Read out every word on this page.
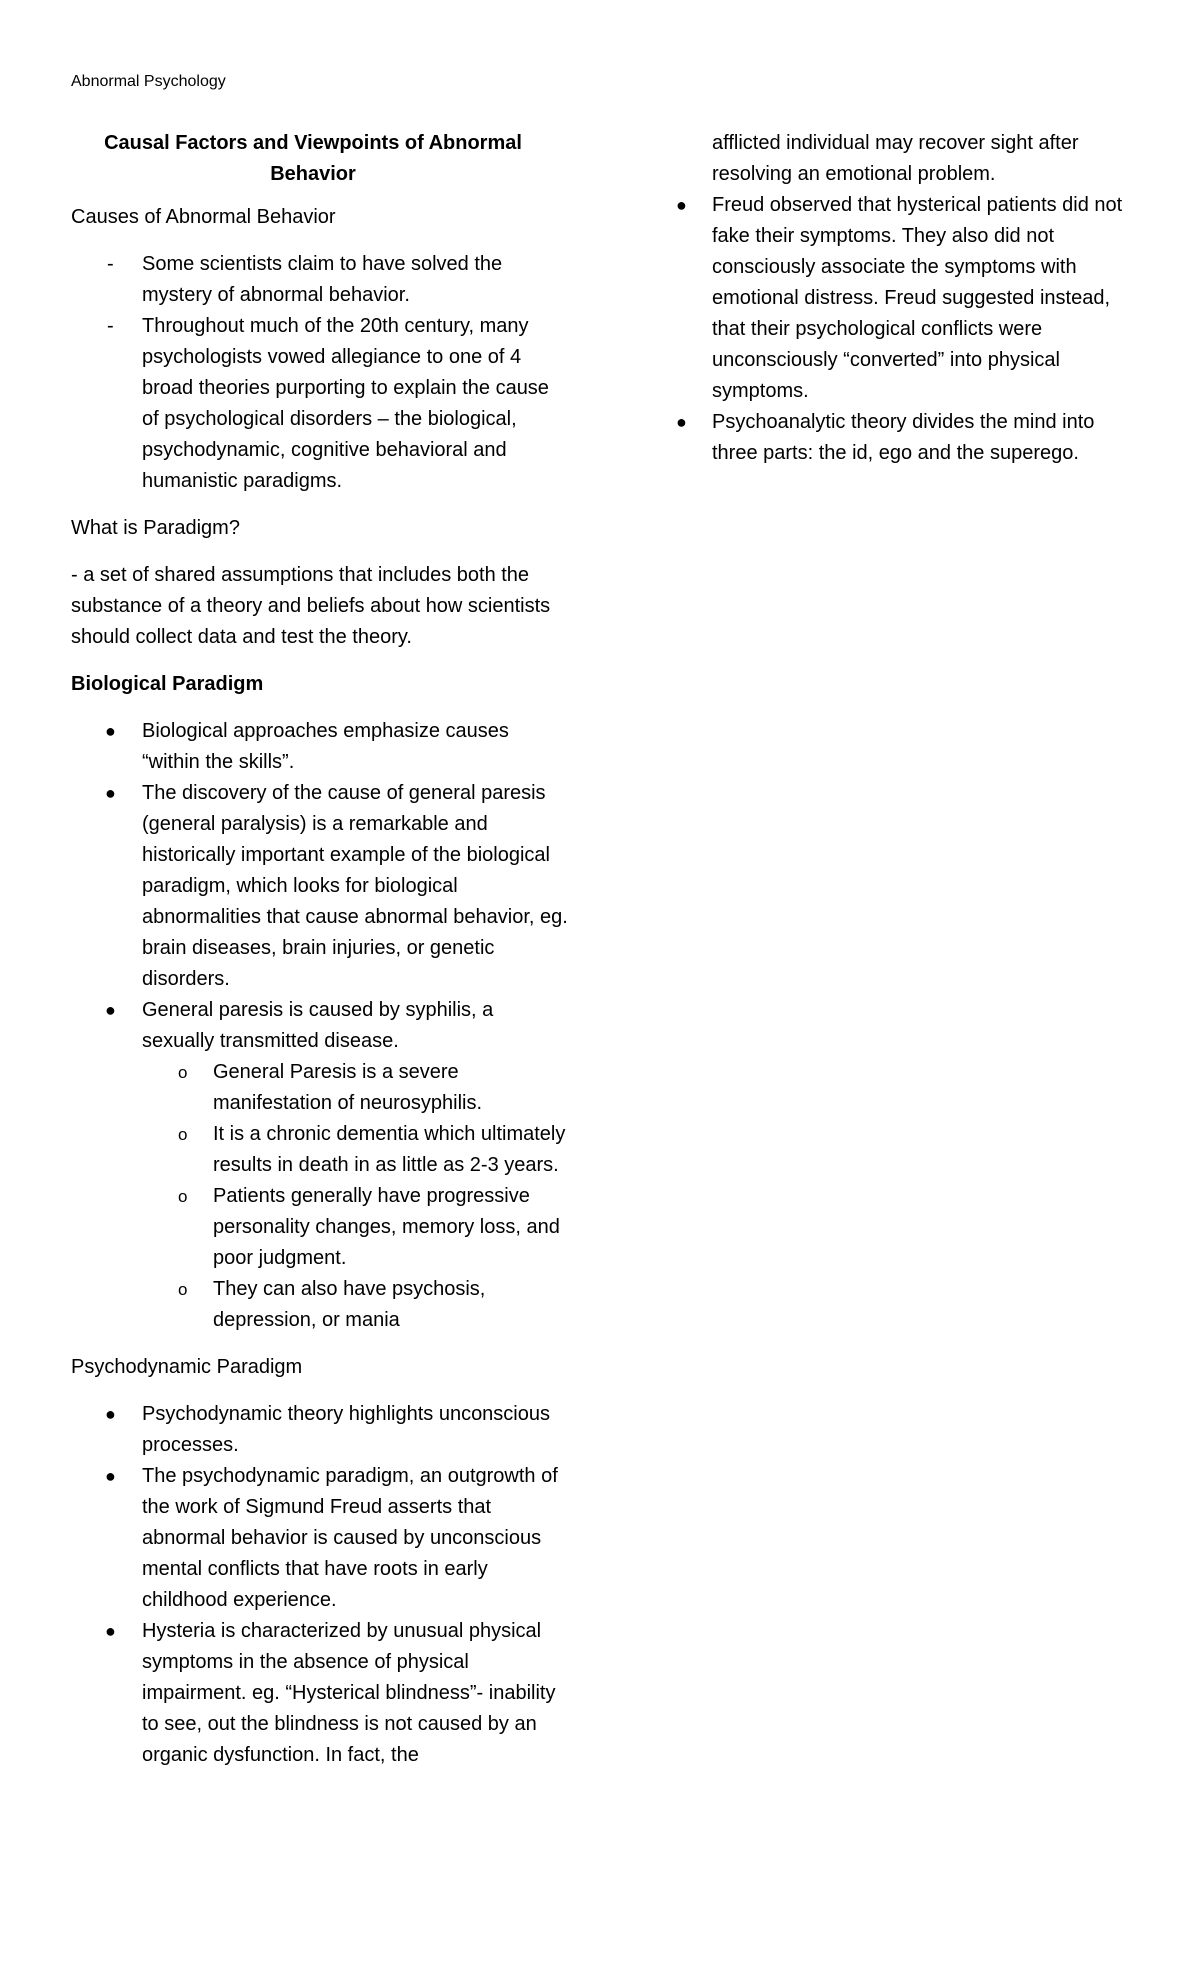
Abnormal Psychology
Causal Factors and Viewpoints of Abnormal Behavior
Causes of Abnormal Behavior
- Some scientists claim to have solved the mystery of abnormal behavior.
- Throughout much of the 20th century, many psychologists vowed allegiance to one of 4 broad theories purporting to explain the cause of psychological disorders – the biological, psychodynamic, cognitive behavioral and humanistic paradigms.
What is Paradigm?
- a set of shared assumptions that includes both the substance of a theory and beliefs about how scientists should collect data and test the theory.
Biological Paradigm
● Biological approaches emphasize causes “within the skills”.
● The discovery of the cause of general paresis (general paralysis) is a remarkable and historically important example of the biological paradigm, which looks for biological abnormalities that cause abnormal behavior, eg. brain diseases, brain injuries, or genetic disorders.
● General paresis is caused by syphilis, a sexually transmitted disease.
o General Paresis is a severe manifestation of neurosyphilis.
o It is a chronic dementia which ultimately results in death in as little as 2-3 years.
o Patients generally have progressive personality changes, memory loss, and poor judgment.
o They can also have psychosis, depression, or mania
Psychodynamic Paradigm
● Psychodynamic theory highlights unconscious processes.
● The psychodynamic paradigm, an outgrowth of the work of Sigmund Freud asserts that abnormal behavior is caused by unconscious mental conflicts that have roots in early childhood experience.
● Hysteria is characterized by unusual physical symptoms in the absence of physical impairment. eg. “Hysterical blindness”- inability to see, out the blindness is not caused by an organic dysfunction. In fact, the
afflicted individual may recover sight after resolving an emotional problem.
● Freud observed that hysterical patients did not fake their symptoms. They also did not consciously associate the symptoms with emotional distress. Freud suggested instead, that their psychological conflicts were unconsciously “converted” into physical symptoms.
● Psychoanalytic theory divides the mind into three parts: the id, ego and the superego.
